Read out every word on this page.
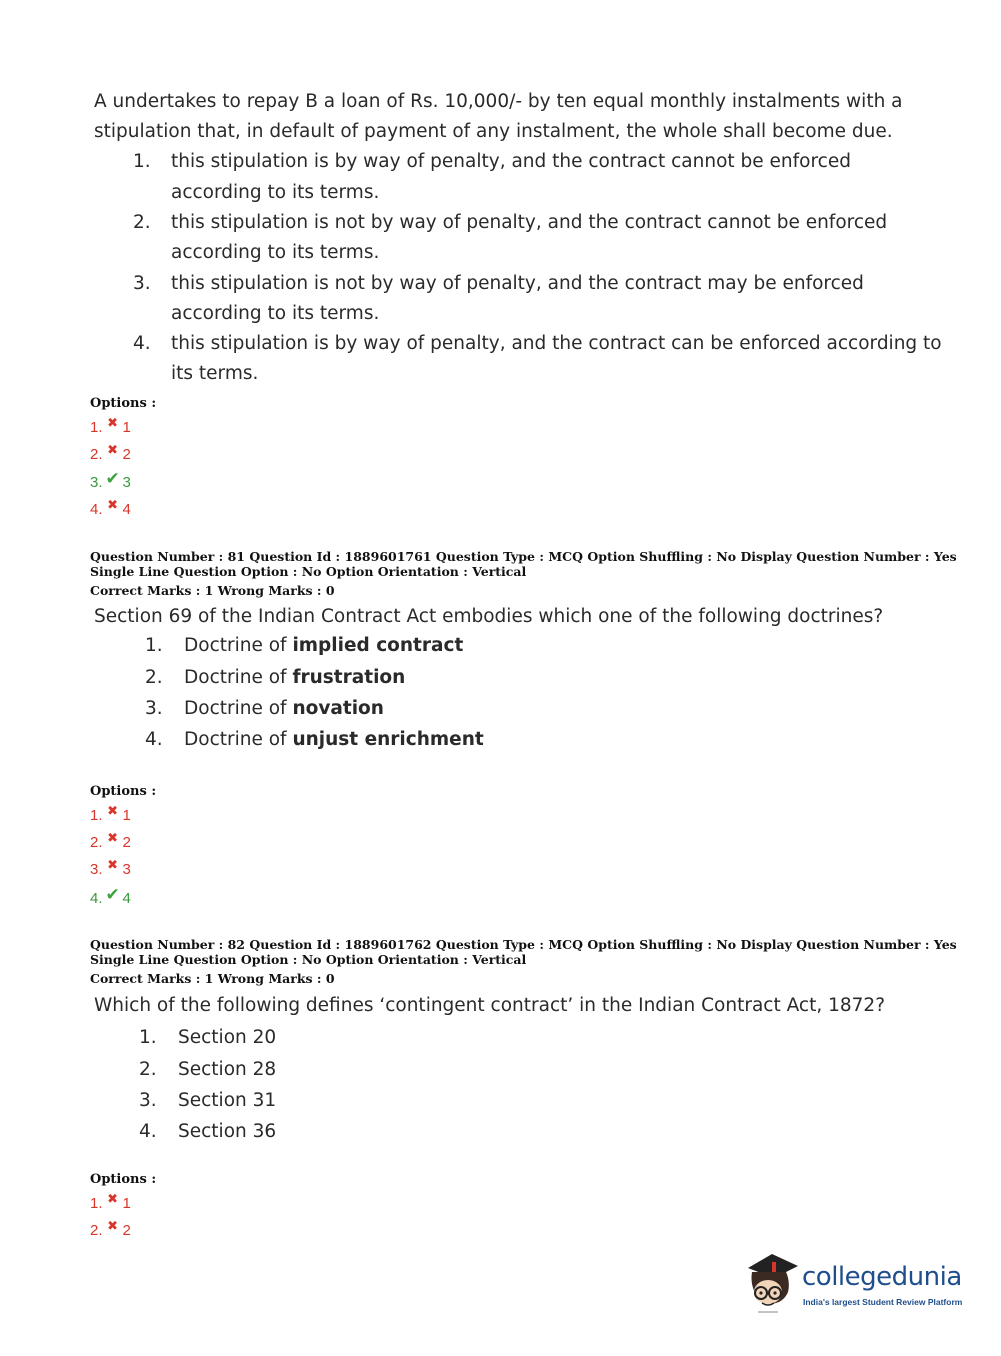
A undertakes to repay B a loan of Rs. 10,000/- by ten equal monthly instalments with a
stipulation that, in default of payment of any instalment, the whole shall become due.
1. this stipulation is by way of penalty, and the contract cannot be enforced
according to its terms.
2. this stipulation is not by way of penalty, and the contract cannot be enforced
according to its terms.
3. this stipulation is not by way of penalty, and the contract may be enforced
according to its terms.
4. this stipulation is by way of penalty, and the contract can be enforced according to
its terms.
Options :
1. ✖ 1
2. ✖ 2
3. ✔ 3
4. ✖ 4
Question Number : 81 Question Id : 1889601761 Question Type : MCQ Option Shuffling : No Display Question Number : Yes
Single Line Question Option : No Option Orientation : Vertical
Correct Marks : 1 Wrong Marks : 0
Section 69 of the Indian Contract Act embodies which one of the following doctrines?
1. Doctrine of implied contract
2. Doctrine of frustration
3. Doctrine of novation
4. Doctrine of unjust enrichment
Options :
1. ✖ 1
2. ✖ 2
3. ✖ 3
4. ✔ 4
Question Number : 82 Question Id : 1889601762 Question Type : MCQ Option Shuffling : No Display Question Number : Yes
Single Line Question Option : No Option Orientation : Vertical
Correct Marks : 1 Wrong Marks : 0
Which of the following defines ‘contingent contract’ in the Indian Contract Act, 1872?
1. Section 20
2. Section 28
3. Section 31
4. Section 36
Options :
1. ✖ 1
2. ✖ 2
collegedunia
India's largest Student Review Platform
